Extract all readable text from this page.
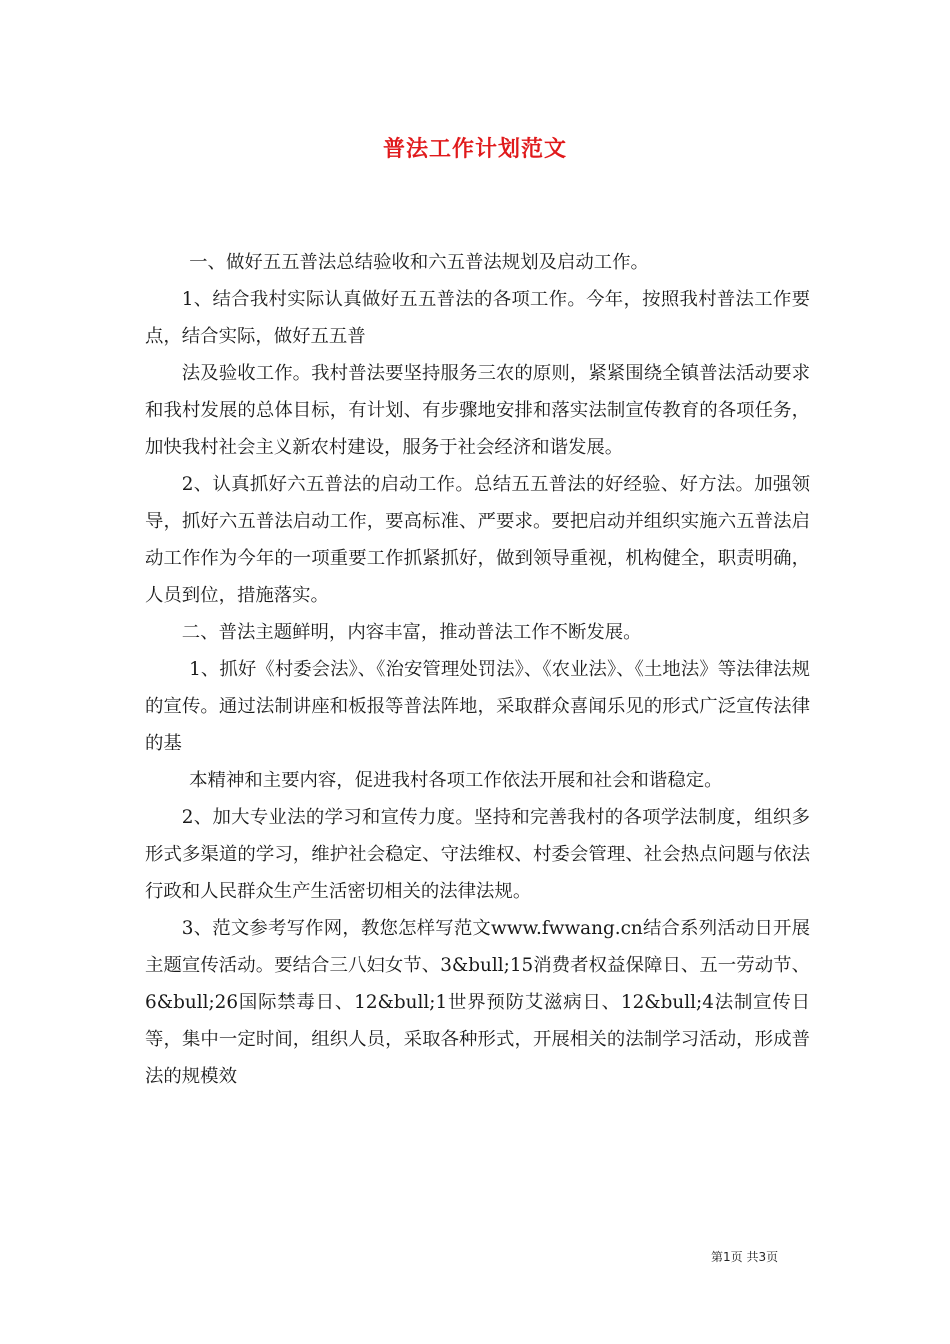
普法工作计划范文

一、做好五五普法总结验收和六五普法规划及启动工作。

1、结合我村实际认真做好五五普法的各项工作。今年，按照我村普法工作要点，结合实际，做好五五普

法及验收工作。我村普法要坚持服务三农的原则，紧紧围绕全镇普法活动要求和我村发展的总体目标，有计划、有步骤地安排和落实法制宣传教育的各项任务，加快我村社会主义新农村建设，服务于社会经济和谐发展。

2、认真抓好六五普法的启动工作。总结五五普法的好经验、好方法。加强领导，抓好六五普法启动工作，要高标准、严要求。要把启动并组织实施六五普法启动工作作为今年的一项重要工作抓紧抓好，做到领导重视，机构健全，职责明确，人员到位，措施落实。

二、普法主题鲜明，内容丰富，推动普法工作不断发展。

1、抓好《村委会法》、《治安管理处罚法》、《农业法》、《土地法》等法律法规的宣传。通过法制讲座和板报等普法阵地，采取群众喜闻乐见的形式广泛宣传法律的基

本精神和主要内容，促进我村各项工作依法开展和社会和谐稳定。

2、加大专业法的学习和宣传力度。坚持和完善我村的各项学法制度，组织多形式多渠道的学习，维护社会稳定、守法维权、村委会管理、社会热点问题与依法行政和人民群众生产生活密切相关的法律法规。

3、范文参考写作网，教您怎样写范文www.fwwang.cn结合系列活动日开展主题宣传活动。要结合三八妇女节、3&bull;15消费者权益保障日、五一劳动节、6&bull;26国际禁毒日、12&bull;1世界预防艾滋病日、12&bull;4法制宣传日等，集中一定时间，组织人员，采取各种形式，开展相关的法制学习活动，形成普法的规模效

第1页 共3页
